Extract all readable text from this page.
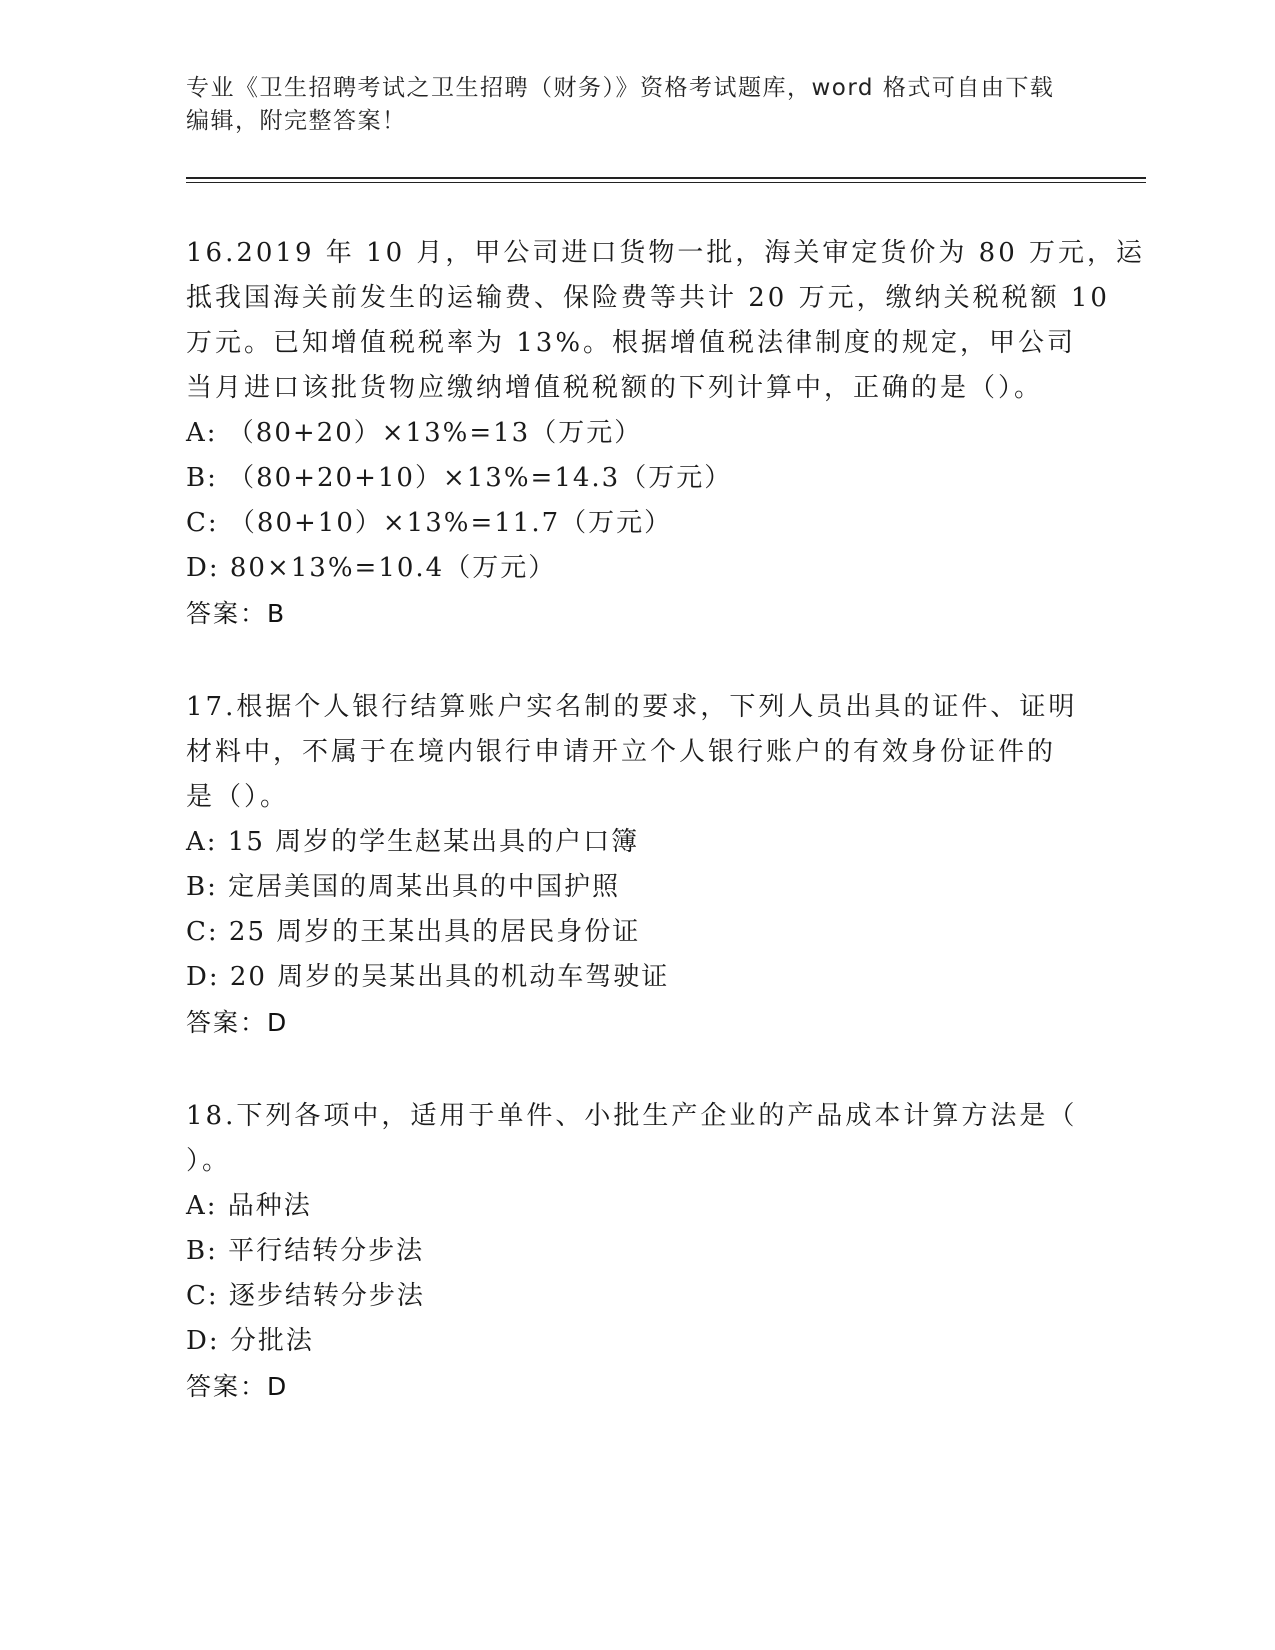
专业《卫生招聘考试之卫生招聘（财务）》资格考试题库，word 格式可自由下载
编辑，附完整答案！
16.2019 年 10 月，甲公司进口货物一批，海关审定货价为 80 万元，运
抵我国海关前发生的运输费、保险费等共计 20 万元，缴纳关税税额 10
万元。已知增值税税率为 13%。根据增值税法律制度的规定，甲公司
当月进口该批货物应缴纳增值税税额的下列计算中，正确的是（）。
A: （80+20）×13%=13（万元）
B: （80+20+10）×13%=14.3（万元）
C: （80+10）×13%=11.7（万元）
D: 80×13%=10.4（万元）
答案：B
17.根据个人银行结算账户实名制的要求，下列人员出具的证件、证明
材料中，不属于在境内银行申请开立个人银行账户的有效身份证件的
是（）。
A: 15 周岁的学生赵某出具的户口簿
B: 定居美国的周某出具的中国护照
C: 25 周岁的王某出具的居民身份证
D: 20 周岁的吴某出具的机动车驾驶证
答案：D
18.下列各项中，适用于单件、小批生产企业的产品成本计算方法是（
）。
A: 品种法
B: 平行结转分步法
C: 逐步结转分步法
D: 分批法
答案：D
